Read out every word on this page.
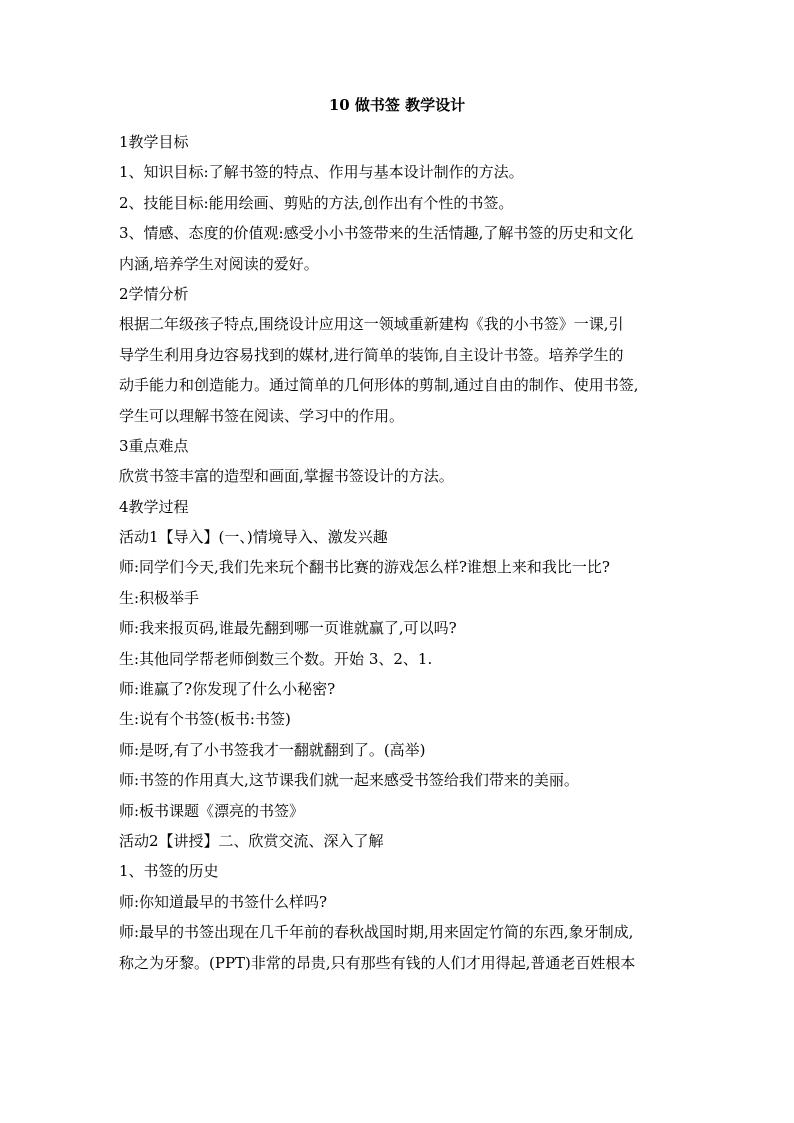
10 做书签 教学设计
1教学目标
1、知识目标:了解书签的特点、作用与基本设计制作的方法。
2、技能目标:能用绘画、剪贴的方法,创作出有个性的书签。
3、情感、态度的价值观:感受小小书签带来的生活情趣,了解书签的历史和文化
内涵,培养学生对阅读的爱好。
2学情分析
根据二年级孩子特点,围绕设计应用这一领域重新建构《我的小书签》一课,引
导学生利用身边容易找到的媒材,进行简单的装饰,自主设计书签。培养学生的
动手能力和创造能力。通过简单的几何形体的剪制,通过自由的制作、使用书签,
学生可以理解书签在阅读、学习中的作用。
3重点难点
欣赏书签丰富的造型和画面,掌握书签设计的方法。
4教学过程
活动1【导入】(一、)情境导入、激发兴趣
师:同学们今天,我们先来玩个翻书比赛的游戏怎么样?谁想上来和我比一比?
生:积极举手
师:我来报页码,谁最先翻到哪一页谁就赢了,可以吗?
生:其他同学帮老师倒数三个数。开始 3、2、1.
师:谁赢了?你发现了什么小秘密?
生:说有个书签(板书:书签)
师:是呀,有了小书签我才一翻就翻到了。(高举)
师:书签的作用真大,这节课我们就一起来感受书签给我们带来的美丽。
师:板书课题《漂亮的书签》
活动2【讲授】二、欣赏交流、深入了解
1、书签的历史
师:你知道最早的书签什么样吗?
师:最早的书签出现在几千年前的春秋战国时期,用来固定竹简的东西,象牙制成,
称之为牙黎。(PPT)非常的昂贵,只有那些有钱的人们才用得起,普通老百姓根本
